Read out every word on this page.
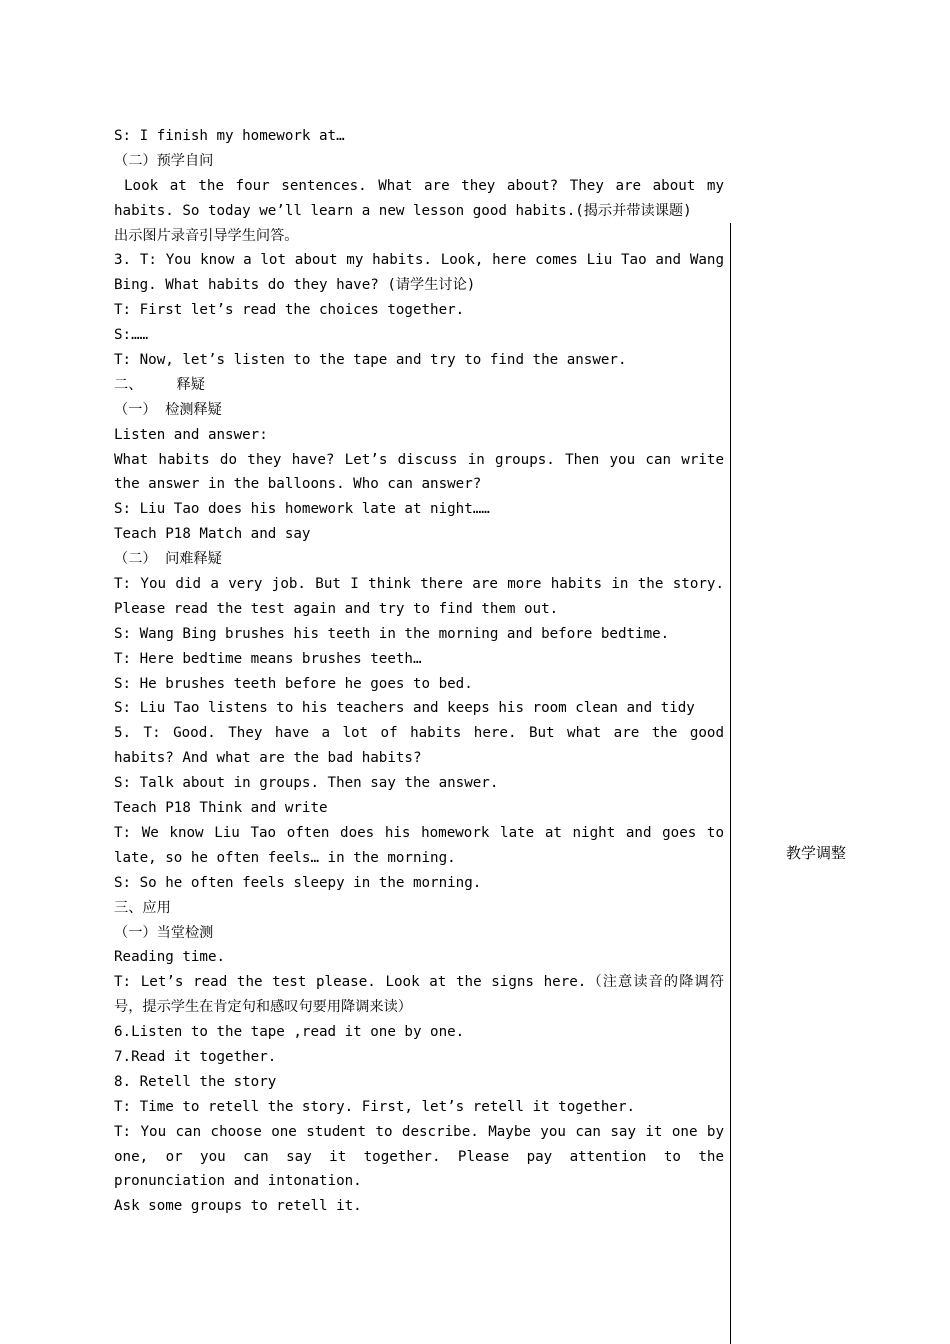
S: I finish my homework at…
（二）预学自问
Look at the four sentences. What are they about? They are about my
habits. So today we’ll learn a new lesson good habits.(揭示并带读课题)
出示图片录音引导学生问答。
3. T: You know a lot about my habits. Look, here comes Liu Tao and Wang
Bing. What habits do they have? (请学生讨论)
T: First let’s read the choices together.
S:……
T: Now, let’s listen to the tape and try to find the answer.
二、    释疑
（一） 检测释疑
Listen and answer:
What habits do they have? Let’s discuss in groups. Then you can write
the answer in the balloons. Who can answer?
S: Liu Tao does his homework late at night……
Teach P18 Match and say
（二） 问难释疑
T: You did a very job. But I think there are more habits in the story.
Please read the test again and try to find them out.
S: Wang Bing brushes his teeth in the morning and before bedtime.
T: Here bedtime means brushes teeth…
S: He brushes teeth before he goes to bed.
S: Liu Tao listens to his teachers and keeps his room clean and tidy
5. T: Good. They have a lot of habits here. But what are the good
habits? And what are the bad habits?
S: Talk about in groups. Then say the answer.
Teach P18 Think and write
T: We know Liu Tao often does his homework late at night and goes to
late, so he often feels… in the morning.
S: So he often feels sleepy in the morning.
三、应用
（一）当堂检测
Reading time.
T: Let’s read the test please. Look at the signs here.（注意读音的降调符
号，提示学生在肯定句和感叹句要用降调来读）
6.Listen to the tape ,read it one by one.
7.Read it together.
8. Retell the story
T: Time to retell the story. First, let’s retell it together.
T: You can choose one student to describe. Maybe you can say it one by
one, or you can say it together. Please pay attention to the
pronunciation and intonation.
Ask some groups to retell it.
教学调整
